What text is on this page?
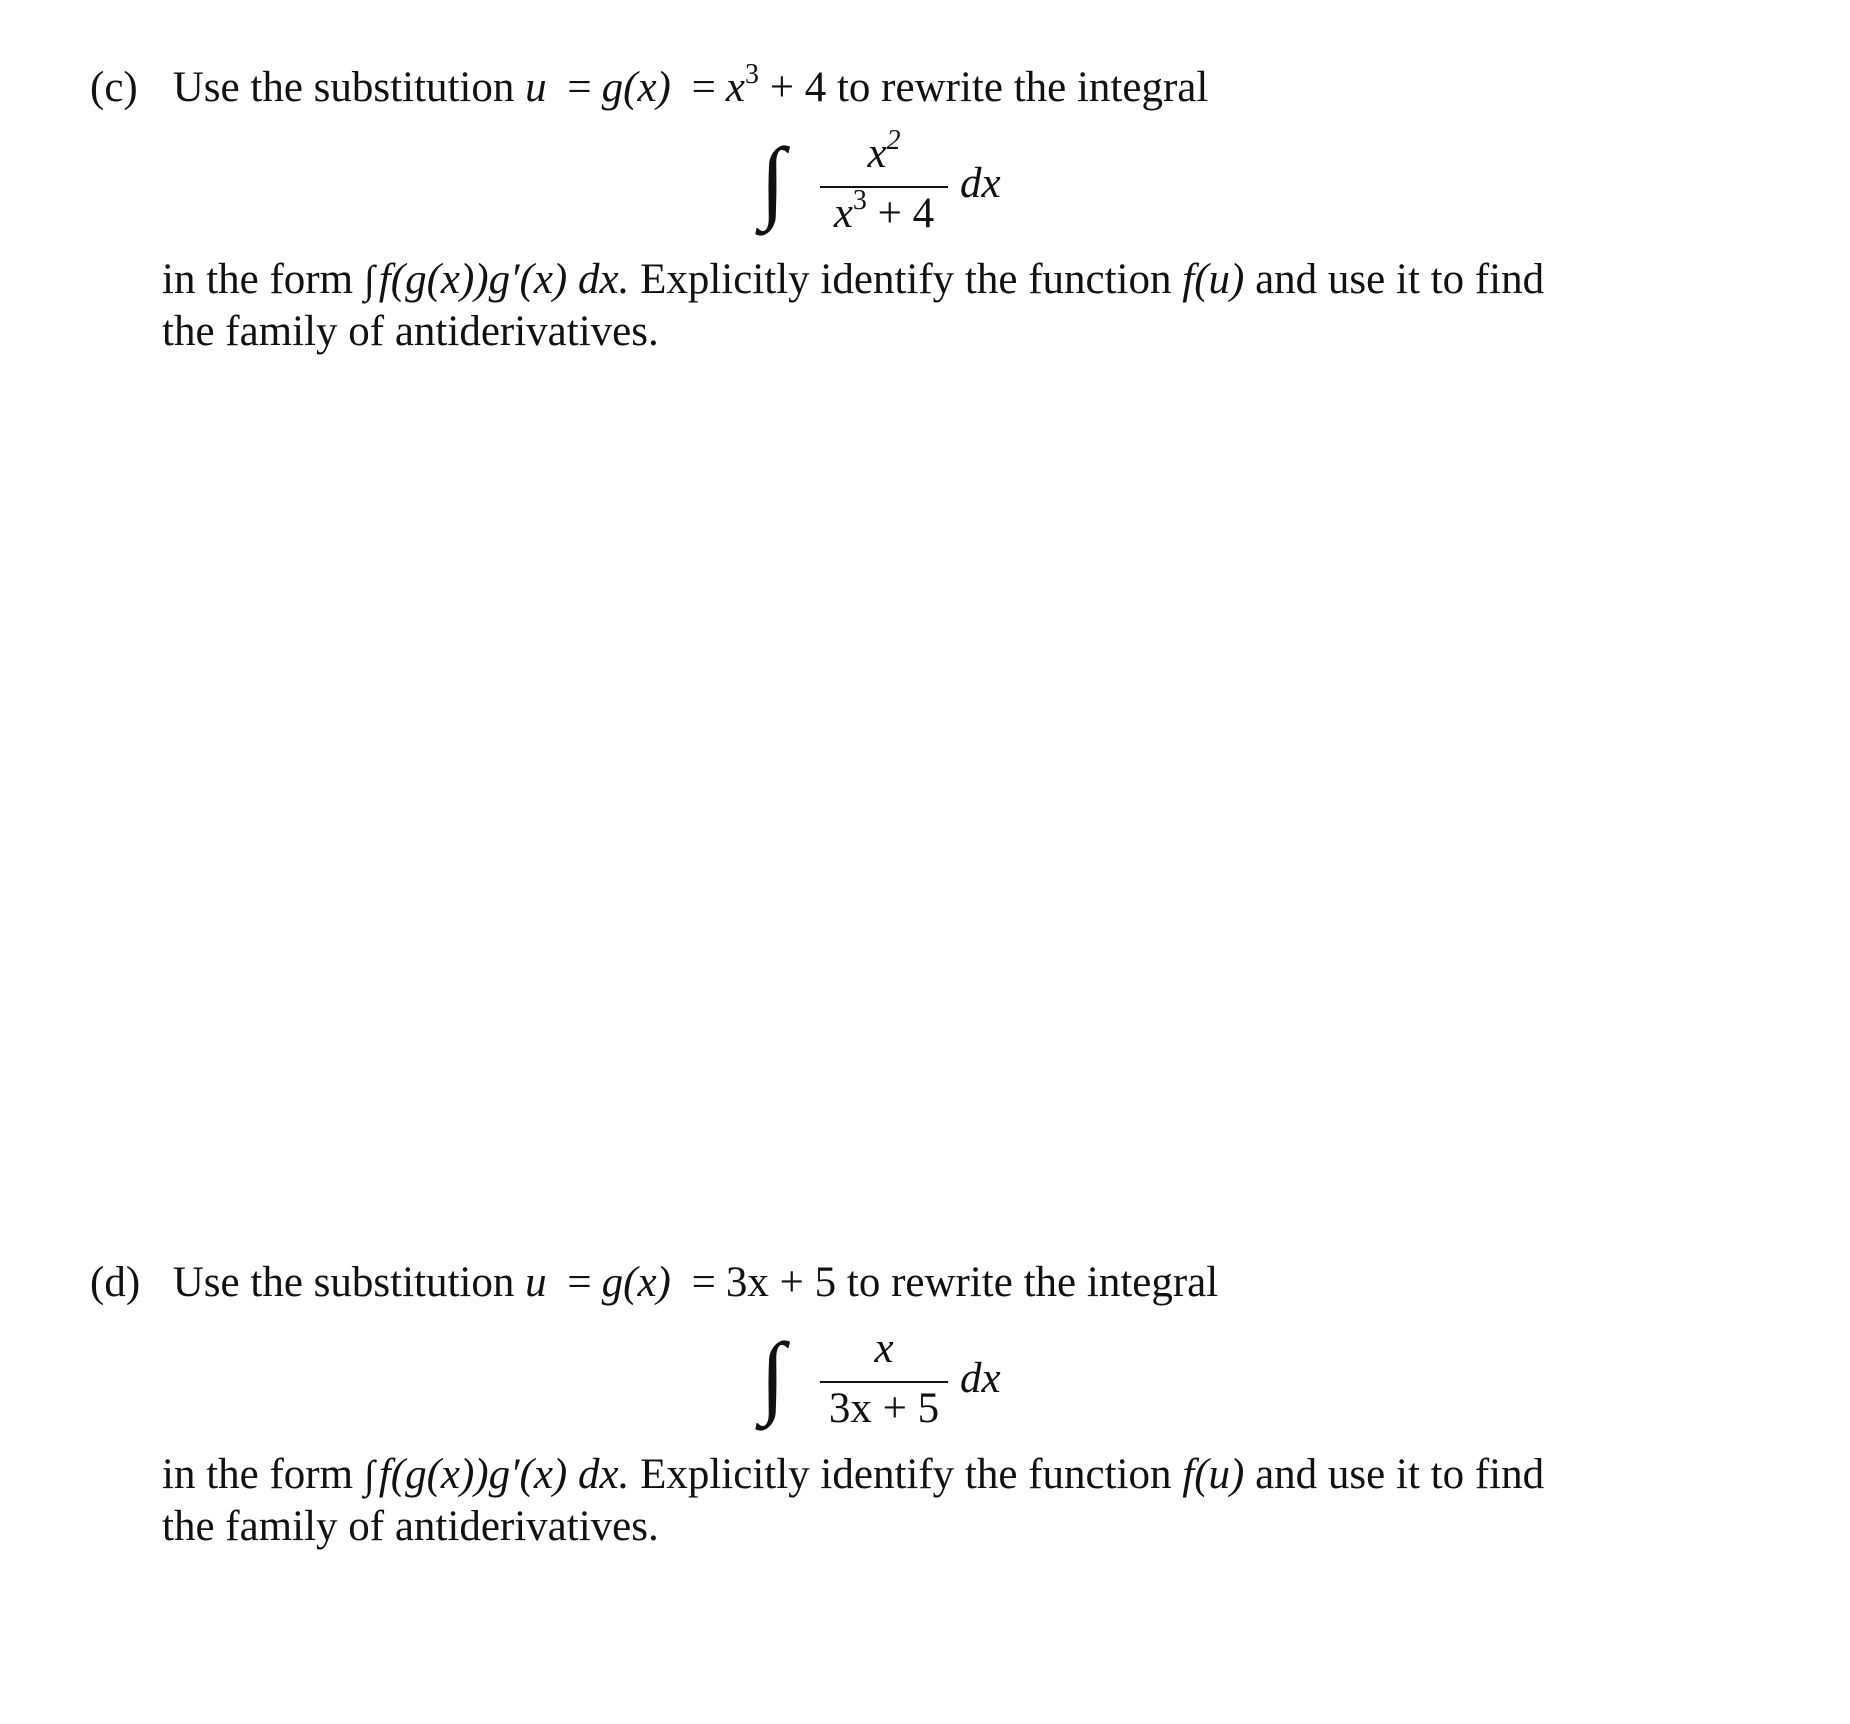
(c) Use the substitution $u = g(x) = x^3 + 4$ to rewrite the integral
∫	$x^2$
$x^3 + 4$
dx
in the form ∫f(g(x))g′(x) dx. Explicitly identify the function f(u) and use it to find
the family of antiderivatives.
(d) Use the substitution u = g(x) = 3x + 5 to rewrite the integral
∫	x
3x + 5
dx
in the form ∫f(g(x))g′(x) dx. Explicitly identify the function f(u) and use it to find
the family of antiderivatives.
